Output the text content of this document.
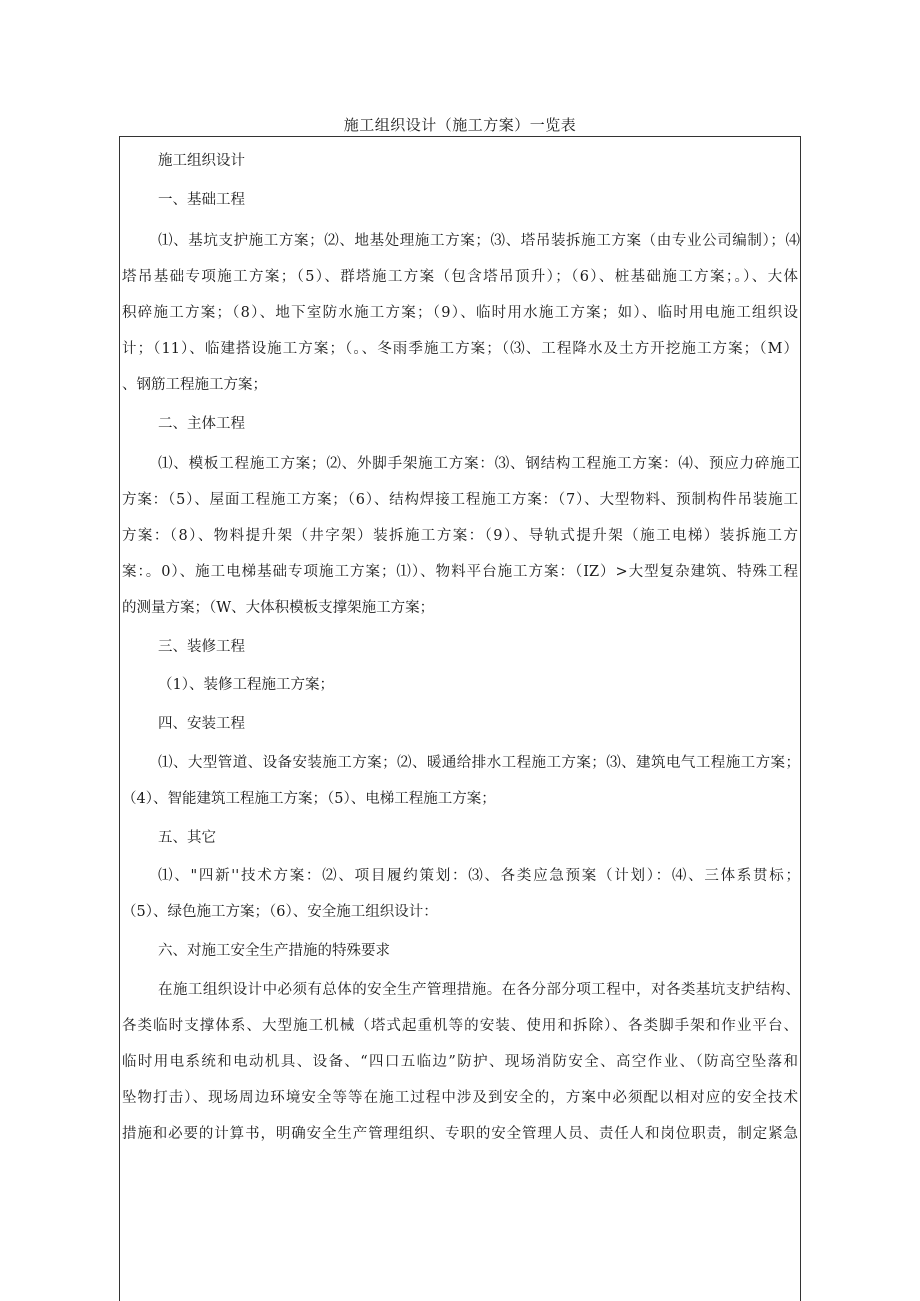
施工组织设计（施工方案）一览表
施工组织设计
一、基础工程
⑴、基坑支护施工方案；⑵、地基处理施工方案；⑶、塔吊装拆施工方案（由专业公司编制）；⑷
塔吊基础专项施工方案；（5）、群塔施工方案（包含塔吊顶升）；（6）、桩基础施工方案；。）、大体
积碎施工方案；（8）、地下室防水施工方案；（9）、临时用水施工方案；如）、临时用电施工组织设
计；（11）、临建搭设施工方案；（。、冬雨季施工方案；（⑶、工程降水及土方开挖施工方案；（M）
、钢筋工程施工方案；
二、主体工程
⑴、模板工程施工方案；⑵、外脚手架施工方案：⑶、钢结构工程施工方案：⑷、预应力碎施工
方案：（5）、屋面工程施工方案；（6）、结构焊接工程施工方案：（7）、大型物料、预制构件吊装施工
方案：（8）、物料提升架（井字架）装拆施工方案：（9）、导轨式提升架（施工电梯）装拆施工方
案：。0）、施工电梯基础专项施工方案；⑴）、物料平台施工方案：（IZ）>大型复杂建筑、特殊工程
的测量方案；（W、大体积模板支撑架施工方案；
三、装修工程
（1）、装修工程施工方案；
四、安装工程
⑴、大型管道、设备安装施工方案；⑵、暖通给排水工程施工方案；⑶、建筑电气工程施工方案；
（4）、智能建筑工程施工方案；（5）、电梯工程施工方案；
五、其它
⑴、"四新''技术方案：⑵、项目履约策划：⑶、各类应急预案（计划）：⑷、三体系贯标；
（5）、绿色施工方案；（6）、安全施工组织设计：
六、对施工安全生产措施的特殊要求
在施工组织设计中必须有总体的安全生产管理措施。在各分部分项工程中，对各类基坑支护结构、
各类临时支撑体系、大型施工机械（塔式起重机等的安装、使用和拆除）、各类脚手架和作业平台、
临时用电系统和电动机具、设备、“四口五临边”防护、现场消防安全、高空作业、（防高空坠落和
坠物打击）、现场周边环境安全等等在施工过程中涉及到安全的，方案中必须配以相对应的安全技术
措施和必要的计算书，明确安全生产管理组织、专职的安全管理人员、责任人和岗位职责，制定紧急
